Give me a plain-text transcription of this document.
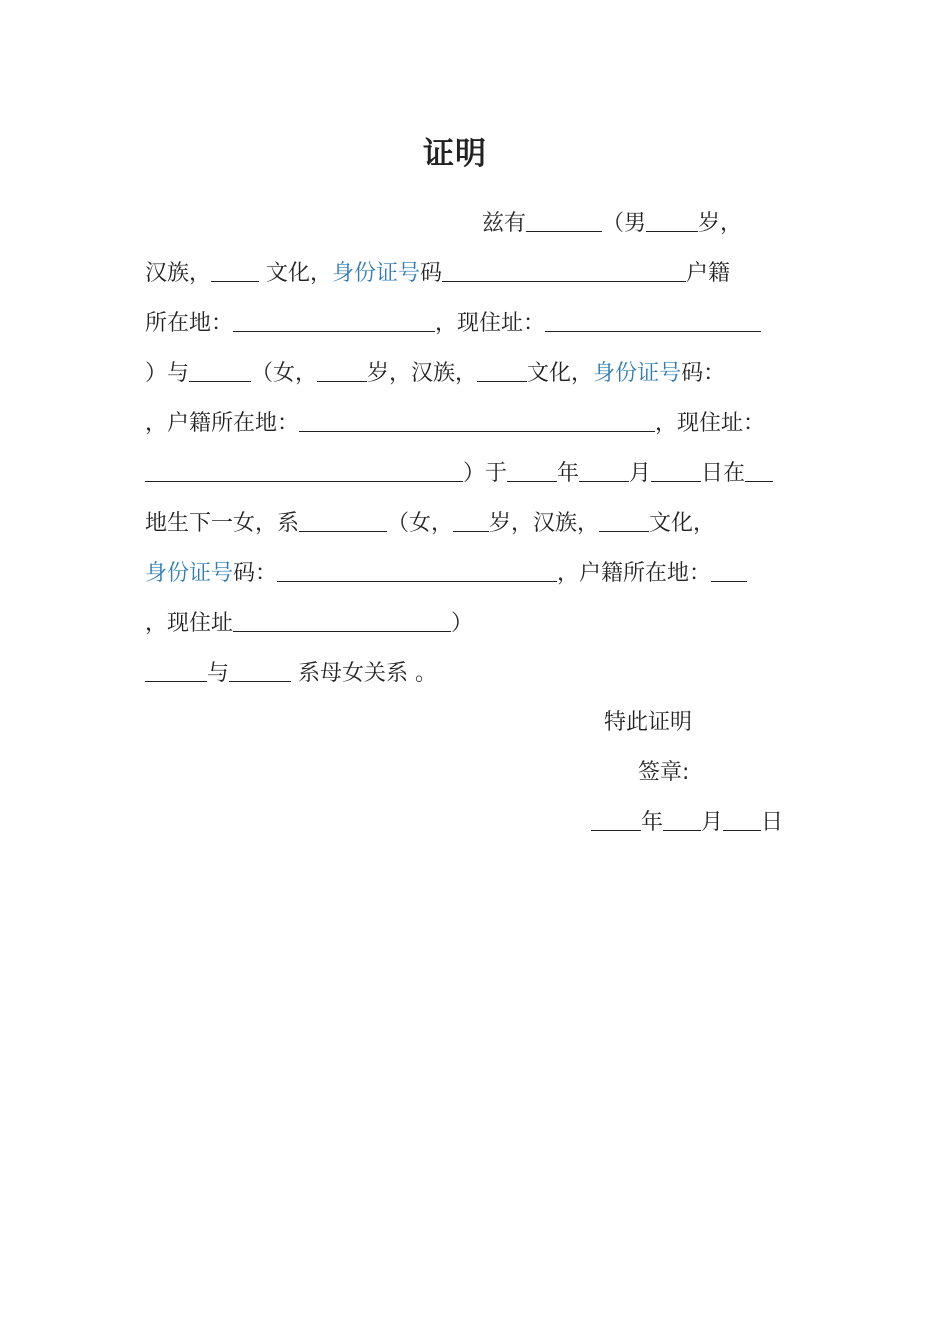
证明
兹有	（男 岁，
汉族， 文化，身份证号码	户籍
所在地：	，现住址：
）与	（女， 岁，汉族， 文化，身份证号码：
，户籍所在地：	，现住址：
）于 年 月 日在
地生下一女，系	（女， 岁，汉族， 文化，
身份证号码：	，户籍所在地：
，现住址	）
与	系母女关系 。
特此证明
签章:
年 月 日
